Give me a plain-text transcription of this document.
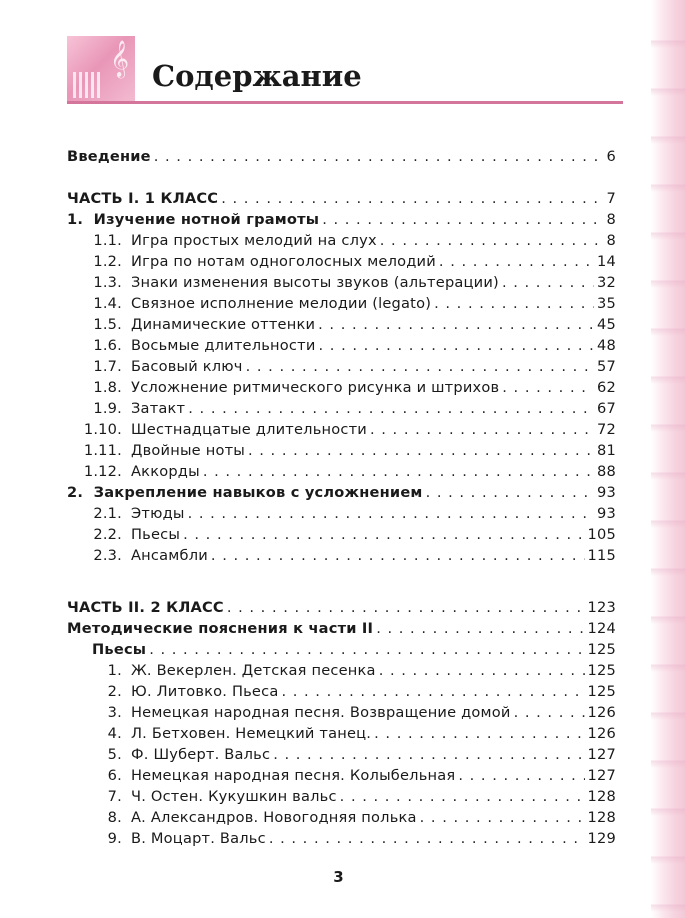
𝄞 Содержание
Введение . . .	6
ЧАСТЬ I. 1 КЛАСС . . .	7
1. Изучение нотной грамоты . . .	8
1.1. Игра простых мелодий на слух . . .	8
1.2. Игра по нотам одноголосных мелодий . . .	14
1.3. Знаки изменения высоты звуков (альтерации) . . .	32
1.4. Связное исполнение мелодии (legato) . . .	35
1.5. Динамические оттенки . . .	45
1.6. Восьмые длительности . . .	48
1.7. Басовый ключ . . .	57
1.8. Усложнение ритмического рисунка и штрихов . . .	62
1.9. Затакт . . .	67
1.10. Шестнадцатые длительности . . .	72
1.11. Двойные ноты . . .	81
1.12. Аккорды . . .	88
2. Закрепление навыков с усложнением . . .	93
2.1. Этюды . . .	93
2.2. Пьесы . . .	105
2.3. Ансамбли . . .	115
ЧАСТЬ II. 2 КЛАСС . . .	123
Методические пояснения к части II . . .	124
Пьесы . . .	125
1. Ж. Векерлен. Детская песенка . . .	125
2. Ю. Литовко. Пьеса . . .	125
3. Немецкая народная песня. Возвращение домой . . .	126
4. Л. Бетховен. Немецкий танец. . . .	126
5. Ф. Шуберт. Вальс . . .	127
6. Немецкая народная песня. Колыбельная . . .	127
7. Ч. Остен. Кукушкин вальс . . .	128
8. А. Александров. Новогодняя полька . . .	128
9. В. Моцарт. Вальс . . .	129
3
